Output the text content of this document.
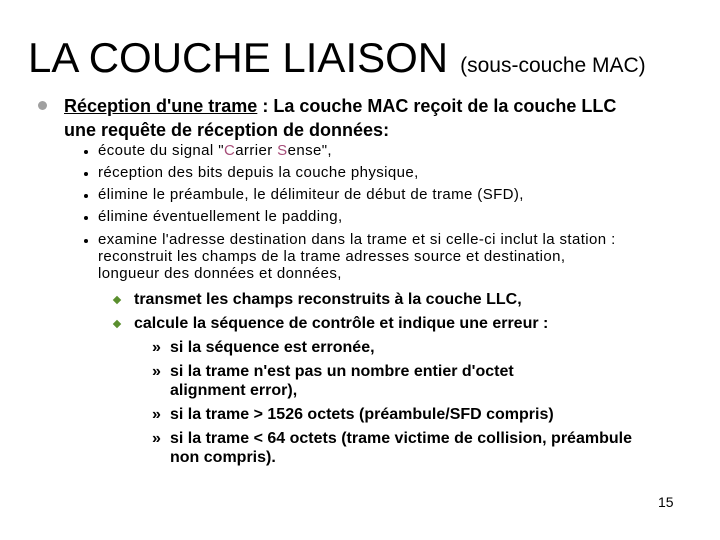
LA COUCHE LIAISON (sous-couche MAC)
Réception d'une trame : La couche MAC reçoit de la couche LLC
une requête de réception de données:
écoute du signal "Carrier Sense",
réception des bits depuis la couche physique,
élimine le préambule, le délimiteur de début de trame (SFD),
élimine éventuellement le padding,
examine l'adresse destination dans la trame et si celle-ci inclut la station :
reconstruit les champs de la trame adresses source et destination,
longueur des données et données,
transmet les champs reconstruits à la couche LLC,
calcule la séquence de contrôle et indique une erreur :
» si la séquence est erronée,
» si la trame n'est pas un nombre entier d'octet
alignment error),
» si la trame > 1526 octets (préambule/SFD compris)
» si la trame < 64 octets (trame victime de collision, préambule
non compris).
15
